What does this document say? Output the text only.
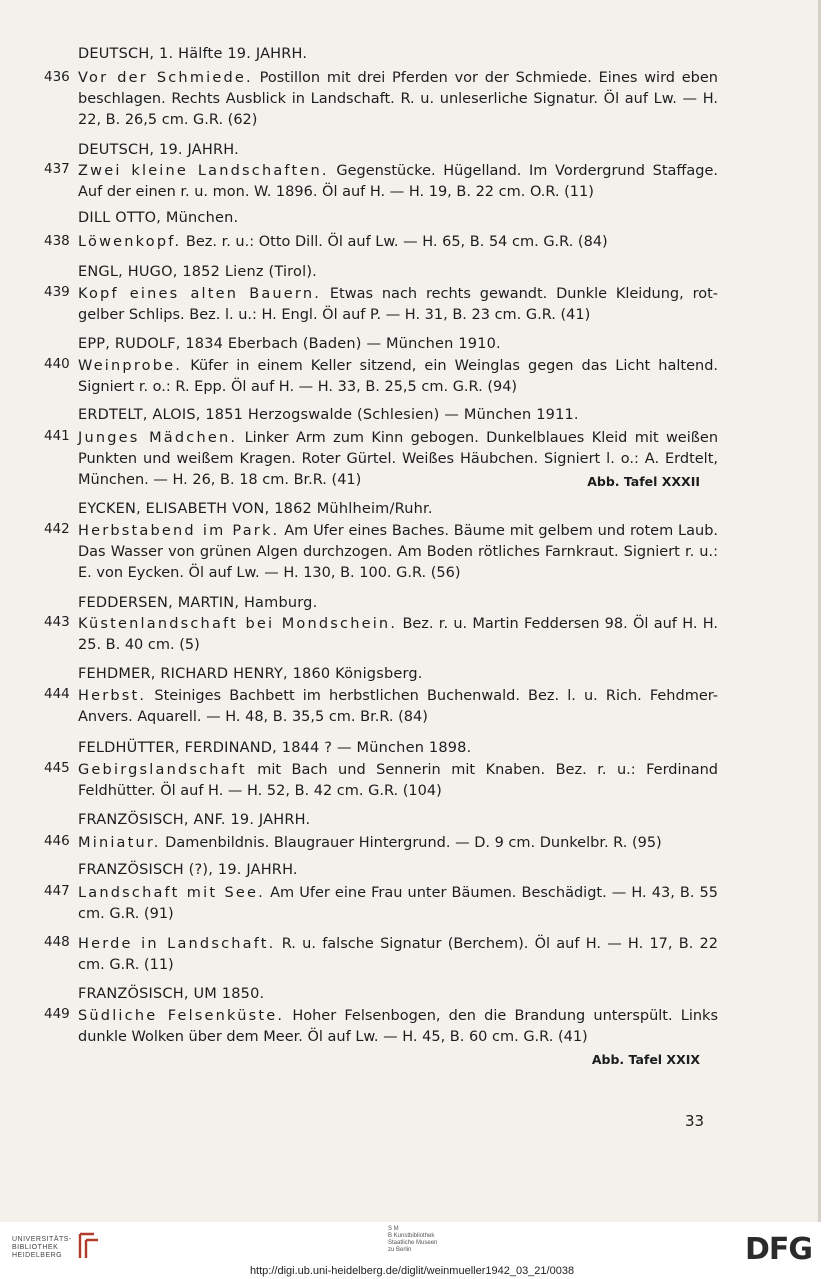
DEUTSCH, 1. Hälfte 19. JAHRH.
436 Vor der Schmiede. Postillon mit drei Pferden vor der Schmiede. Eines wird eben beschlagen. Rechts Ausblick in Landschaft. R. u. unleserliche Signatur. Öl auf Lw. — H. 22, B. 26,5 cm. G.R. (62)
DEUTSCH, 19. JAHRH.
437 Zwei kleine Landschaften. Gegenstücke. Hügelland. Im Vordergrund Staffage. Auf der einen r. u. mon. W. 1896. Öl auf H. — H. 19, B. 22 cm. O.R. (11)
DILL OTTO, München.
438 Löwenkopf. Bez. r. u.: Otto Dill. Öl auf Lw. — H. 65, B. 54 cm. G.R. (84)
ENGL, HUGO, 1852 Lienz (Tirol).
439 Kopf eines alten Bauern. Etwas nach rechts gewandt. Dunkle Kleidung, rot-gelber Schlips. Bez. l. u.: H. Engl. Öl auf P. — H. 31, B. 23 cm. G.R. (41)
EPP, RUDOLF, 1834 Eberbach (Baden) — München 1910.
440 Weinprobe. Küfer in einem Keller sitzend, ein Weinglas gegen das Licht haltend. Signiert r. o.: R. Epp. Öl auf H. — H. 33, B. 25,5 cm. G.R. (94)
ERDTELT, ALOIS, 1851 Herzogswalde (Schlesien) — München 1911.
441 Junges Mädchen. Linker Arm zum Kinn gebogen. Dunkelblaues Kleid mit weißen Punkten und weißem Kragen. Roter Gürtel. Weißes Häubchen. Signiert l. o.: A. Erdtelt, München. — H. 26, B. 18 cm. Br.R. (41)	Abb. Tafel XXXII
EYCKEN, ELISABETH VON, 1862 Mühlheim/Ruhr.
442 Herbstabend im Park. Am Ufer eines Baches. Bäume mit gelbem und rotem Laub. Das Wasser von grünen Algen durchzogen. Am Boden rötliches Farnkraut. Signiert r. u.: E. von Eycken. Öl auf Lw. — H. 130, B. 100. G.R. (56)
FEDDERSEN, MARTIN, Hamburg.
443 Küstenlandschaft bei Mondschein. Bez. r. u. Martin Feddersen 98. Öl auf H. H. 25. B. 40 cm. (5)
FEHDMER, RICHARD HENRY, 1860 Königsberg.
444 Herbst. Steiniges Bachbett im herbstlichen Buchenwald. Bez. l. u. Rich. Fehdmer-Anvers. Aquarell. — H. 48, B. 35,5 cm. Br.R. (84)
FELDHÜTTER, FERDINAND, 1844 ? — München 1898.
445 Gebirgslandschaft mit Bach und Sennerin mit Knaben. Bez. r. u.: Ferdinand Feldhütter. Öl auf H. — H. 52, B. 42 cm. G.R. (104)
FRANZÖSISCH, ANF. 19. JAHRH.
446 Miniatur. Damenbildnis. Blaugrauer Hintergrund. — D. 9 cm. Dunkelbr. R. (95)
FRANZÖSISCH (?), 19. JAHRH.
447 Landschaft mit See. Am Ufer eine Frau unter Bäumen. Beschädigt. — H. 43, B. 55 cm. G.R. (91)
448 Herde in Landschaft. R. u. falsche Signatur (Berchem). Öl auf H. — H. 17, B. 22 cm. G.R. (11)
FRANZÖSISCH, UM 1850.
449 Südliche Felsenküste. Hoher Felsenbogen, den die Brandung unterspült. Links dunkle Wolken über dem Meer. Öl auf Lw. — H. 45, B. 60 cm. G.R. (41)
Abb. Tafel XXIX
33
UNIVERSITÄTS-
BIBLIOTHEK
HEIDELBERG
S M
B Kunstbibliothek
Staatliche Museen
zu Berlin	DFG
http://digi.ub.uni-heidelberg.de/diglit/weinmueller1942_03_21/0038
